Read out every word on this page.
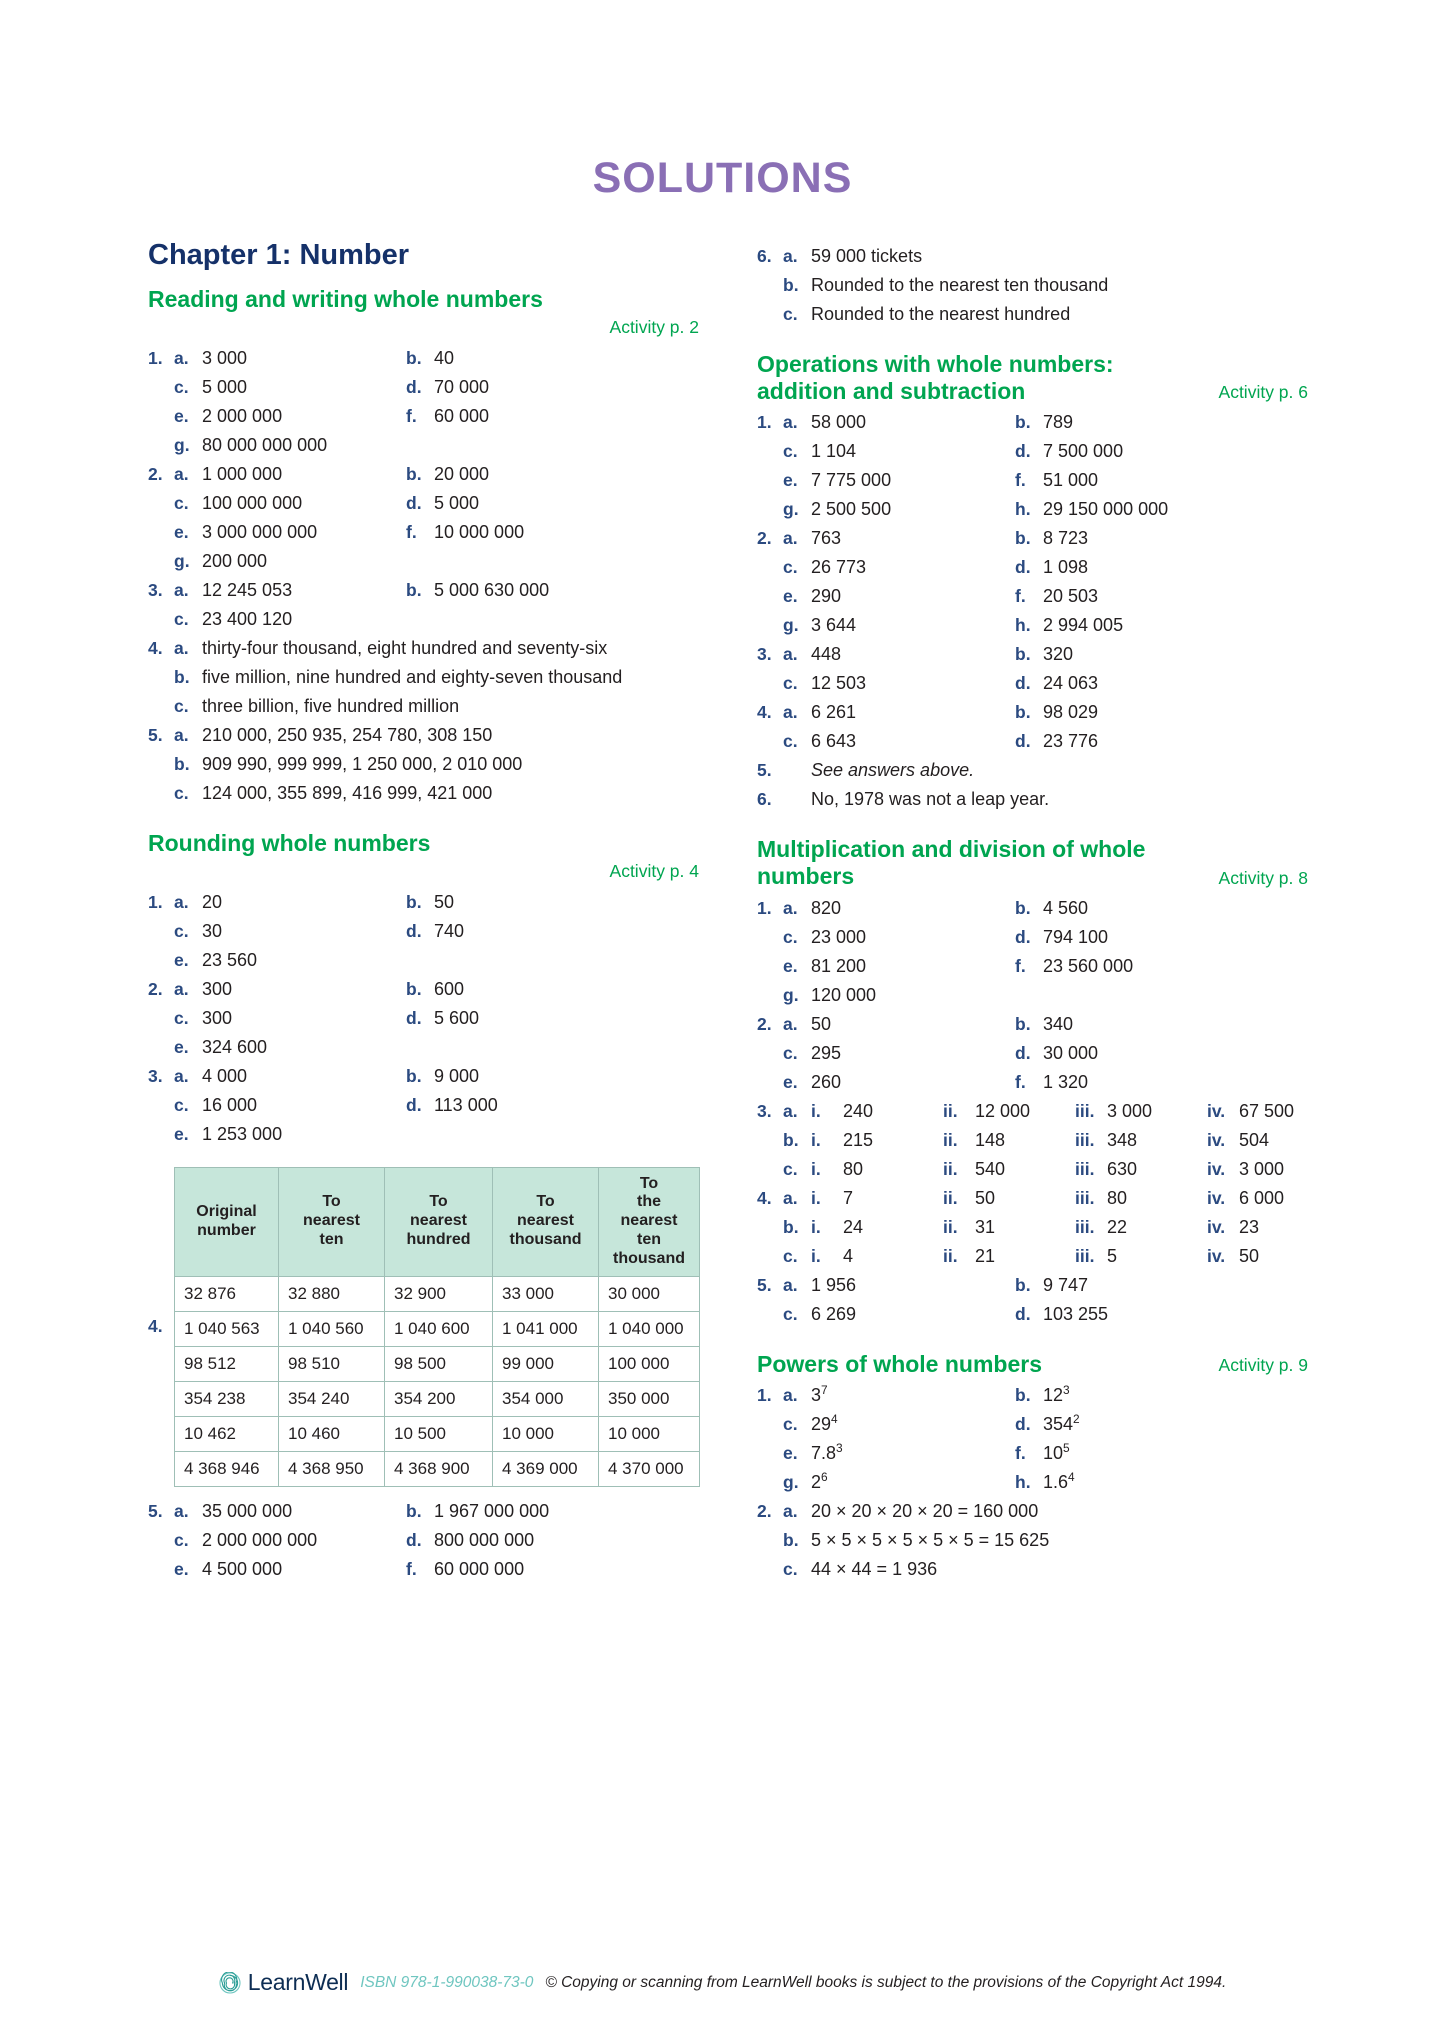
SOLUTIONS
Chapter 1: Number
Reading and writing whole numbers
Activity p. 2
1. a. 3 000	b. 40
c. 5 000	d. 70 000
e. 2 000 000	f. 60 000
g. 80 000 000 000
2. a. 1 000 000	b. 20 000
c. 100 000 000	d. 5 000
e. 3 000 000 000	f. 10 000 000
g. 200 000
3. a. 12 245 053	b. 5 000 630 000
c. 23 400 120
4. a. thirty-four thousand, eight hundred and seventy-six
b. five million, nine hundred and eighty-seven thousand
c. three billion, five hundred million
5. a. 210 000, 250 935, 254 780, 308 150
b. 909 990, 999 999, 1 250 000, 2 010 000
c. 124 000, 355 899, 416 999, 421 000
Rounding whole numbers
Activity p. 4
1. a. 20	b. 50
c. 30	d. 740
e. 23 560
2. a. 300	b. 600
c. 300	d. 5 600
e. 324 600
3. a. 4 000	b. 9 000
c. 16 000	d. 113 000
e. 1 253 000
4.
Original
number	To
nearest
ten	To
nearest
hundred	To
nearest
thousand	To
the
nearest
ten
thousand
32 876	32 880	32 900	33 000	30 000
1 040 563	1 040 560	1 040 600	1 041 000	1 040 000
98 512	98 510	98 500	99 000	100 000
354 238	354 240	354 200	354 000	350 000
10 462	10 460	10 500	10 000	10 000
4 368 946	4 368 950	4 368 900	4 369 000	4 370 000
5. a. 35 000 000	b. 1 967 000 000
c. 2 000 000 000	d. 800 000 000
e. 4 500 000	f. 60 000 000
6. a. 59 000 tickets
b. Rounded to the nearest ten thousand
c. Rounded to the nearest hundred
Operations with whole numbers: addition and subtraction	Activity p. 6
1. a. 58 000	b. 789
c. 1 104	d. 7 500 000
e. 7 775 000	f. 51 000
g. 2 500 500	h. 29 150 000 000
2. a. 763	b. 8 723
c. 26 773	d. 1 098
e. 290	f. 20 503
g. 3 644	h. 2 994 005
3. a. 448	b. 320
c. 12 503	d. 24 063
4. a. 6 261	b. 98 029
c. 6 643	d. 23 776
5.	See answers above.
6.	No, 1978 was not a leap year.
Multiplication and division of whole numbers	Activity p. 8
1. a. 820	b. 4 560
c. 23 000	d. 794 100
e. 81 200	f. 23 560 000
g. 120 000
2. a. 50	b. 340
c. 295	d. 30 000
e. 260	f. 1 320
3. a. i.	240	ii. 12 000	iii. 3 000	iv. 67 500
b. i.	215	ii. 148	iii. 348	iv. 504
c. i.	80	ii. 540	iii. 630	iv. 3 000
4. a. i.	7	ii. 50	iii. 80	iv. 6 000
b. i.	24	ii. 31	iii. 22	iv. 23
c. i.	4	ii. 21	iii. 5	iv. 50
5. a. 1 956	b. 9 747
c. 6 269	d. 103 255
Powers of whole numbers	Activity p. 9
1. a. $3^7$	b. $12^3$
c. $29^4$	d. $354^2$
e. $7.8^3$	f. $10^5$
g. $2^6$	h. $1.6^4$
2. a. 20 × 20 × 20 × 20 = 160 000
b. 5 × 5 × 5 × 5 × 5 × 5 = 15 625
c. 44 × 44 = 1 936
LearnWell ISBN 978-1-990038-73-0 © Copying or scanning from LearnWell books is subject to the provisions of the Copyright Act 1994.
